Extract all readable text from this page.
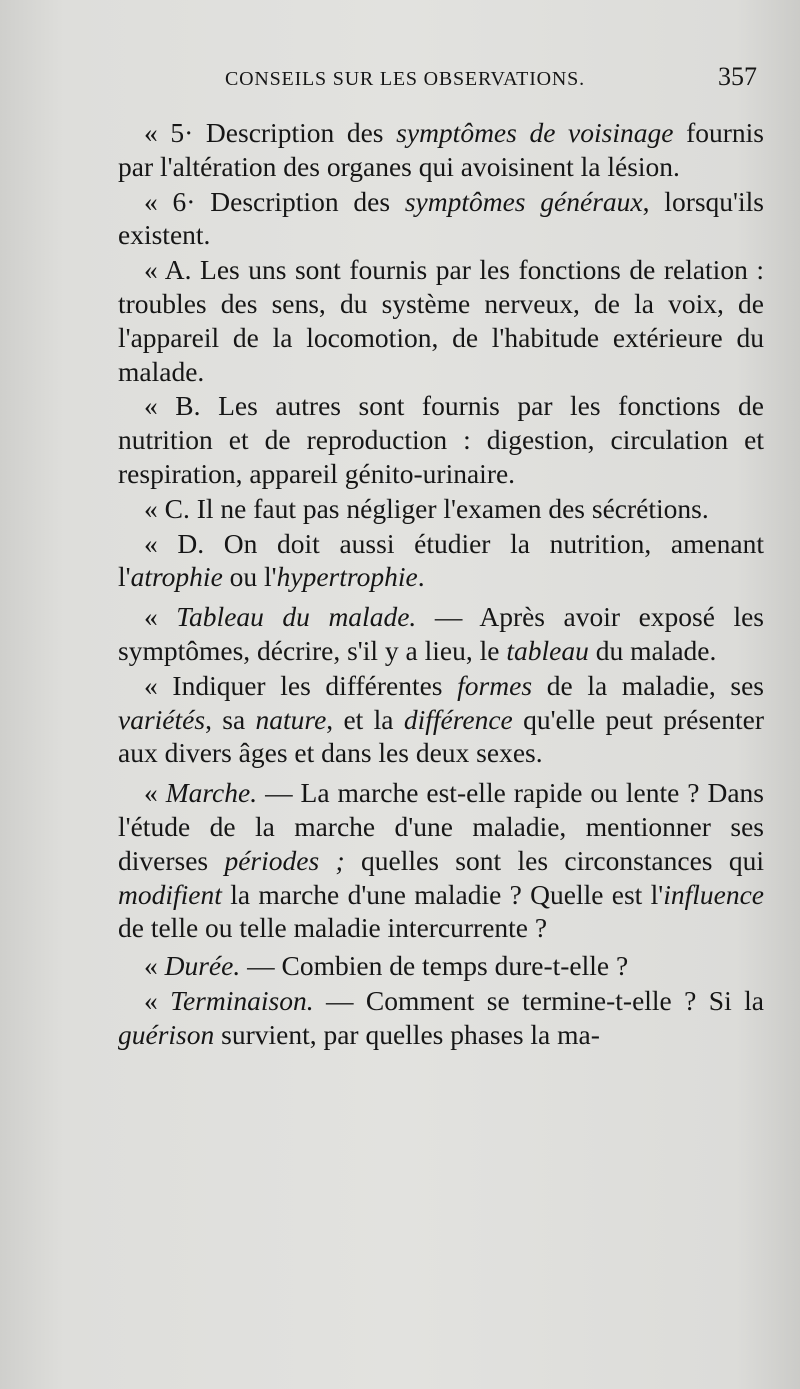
CONSEILS SUR LES OBSERVATIONS.	357

« 5· Description des symptômes de voisinage fournis par l'altération des organes qui avoisinent la lésion.

« 6· Description des symptômes généraux, lorsqu'ils existent.

« A. Les uns sont fournis par les fonctions de relation : troubles des sens, du système nerveux, de la voix, de l'appareil de la locomotion, de l'habitude extérieure du malade.

« B. Les autres sont fournis par les fonctions de nutrition et de reproduction : digestion, circulation et respiration, appareil génito-urinaire.

« C. Il ne faut pas négliger l'examen des sécrétions.

« D. On doit aussi étudier la nutrition, amenant l'atrophie ou l'hypertrophie.

« Tableau du malade. — Après avoir exposé les symptômes, décrire, s'il y a lieu, le tableau du malade.

« Indiquer les différentes formes de la maladie, ses variétés, sa nature, et la différence qu'elle peut présenter aux divers âges et dans les deux sexes.

« Marche. — La marche est-elle rapide ou lente ? Dans l'étude de la marche d'une maladie, mentionner ses diverses périodes ; quelles sont les circonstances qui modifient la marche d'une maladie ? Quelle est l'influence de telle ou telle maladie intercurrente ?

« Durée. — Combien de temps dure-t-elle ?

« Terminaison. — Comment se termine-t-elle ? Si la guérison survient, par quelles phases la ma-
